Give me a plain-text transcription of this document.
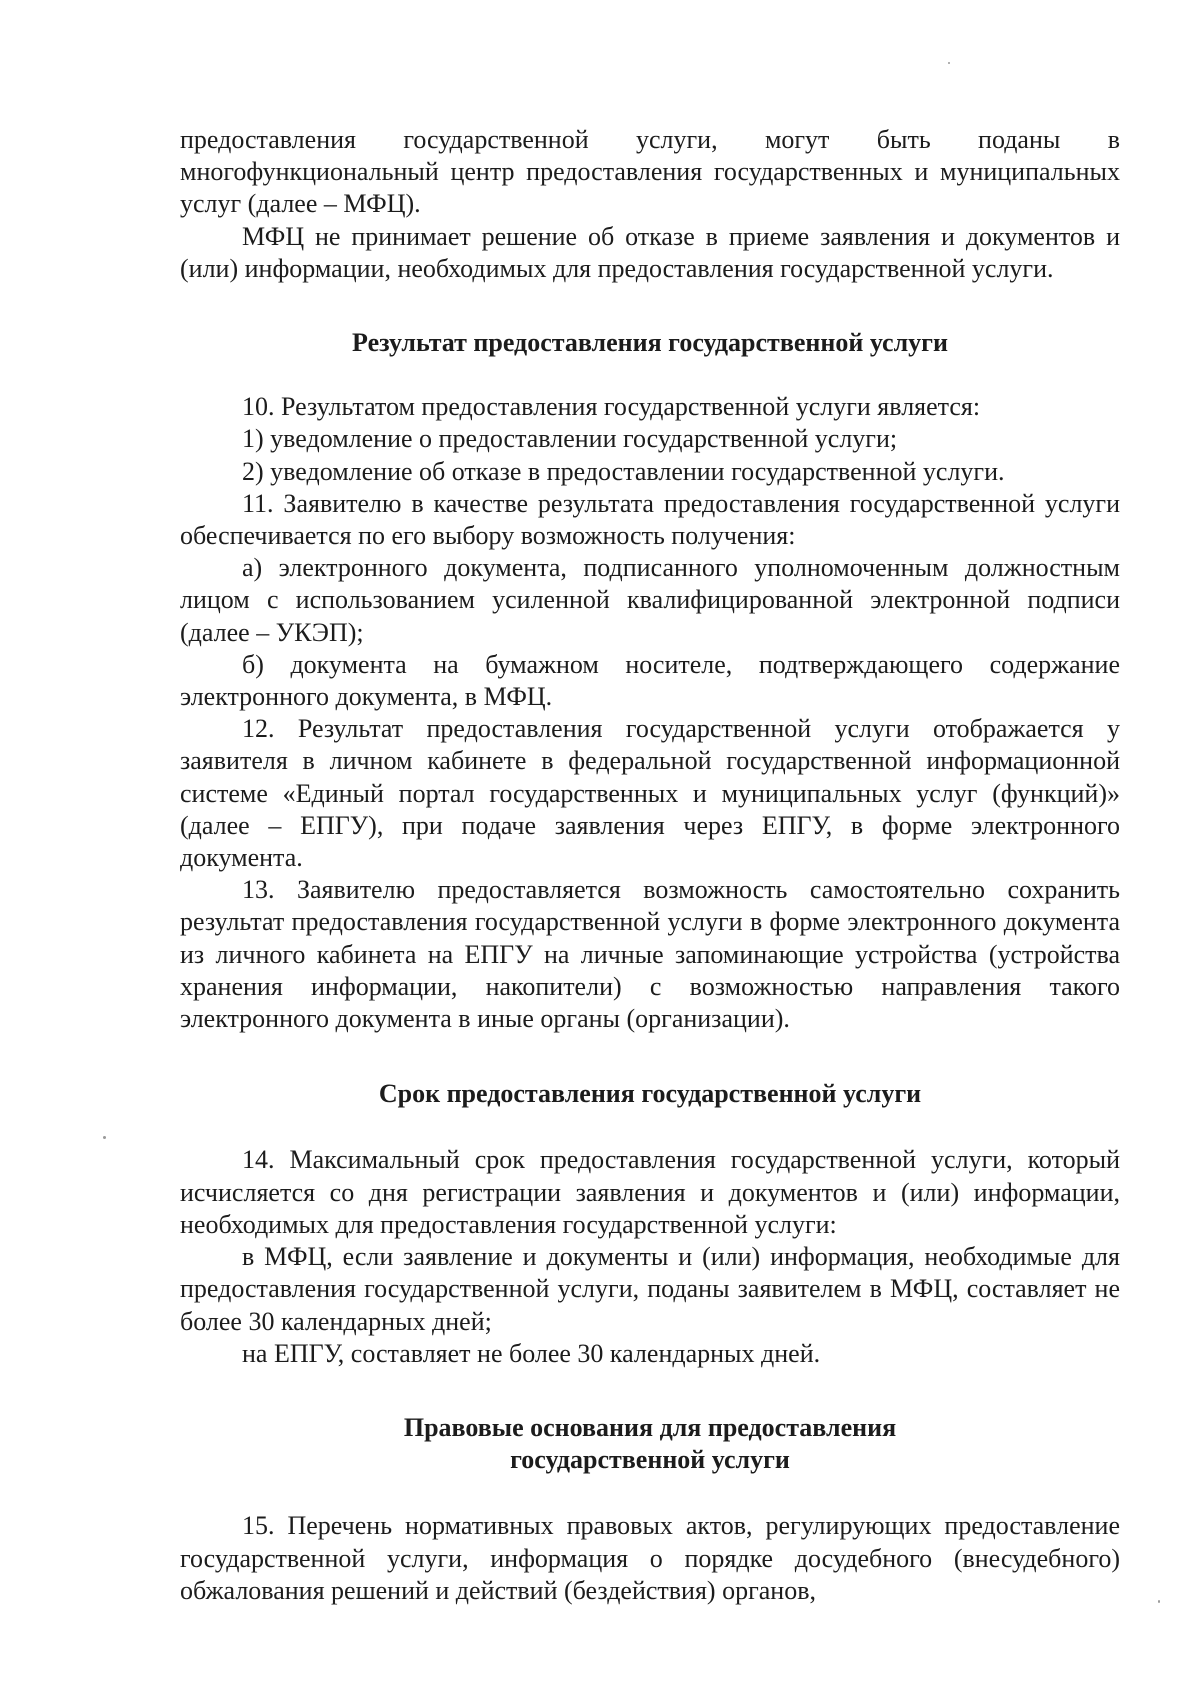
предоставления государственной услуги, могут быть поданы в многофункциональный центр предоставления государственных и муниципальных услуг (далее – МФЦ).

МФЦ не принимает решение об отказе в приеме заявления и документов и (или) информации, необходимых для предоставления государственной услуги.

Результат предоставления государственной услуги

10. Результатом предоставления государственной услуги является:

1) уведомление о предоставлении государственной услуги;

2) уведомление об отказе в предоставлении государственной услуги.

11. Заявителю в качестве результата предоставления государственной услуги обеспечивается по его выбору возможность получения:

а) электронного документа, подписанного уполномоченным должностным лицом с использованием усиленной квалифицированной электронной подписи (далее – УКЭП);

б) документа на бумажном носителе, подтверждающего содержание электронного документа, в МФЦ.

12. Результат предоставления государственной услуги отображается у заявителя в личном кабинете в федеральной государственной информационной системе «Единый портал государственных и муниципальных услуг (функций)» (далее – ЕПГУ), при подаче заявления через ЕПГУ, в форме электронного документа.

13. Заявителю предоставляется возможность самостоятельно сохранить результат предоставления государственной услуги в форме электронного документа из личного кабинета на ЕПГУ на личные запоминающие устройства (устройства хранения информации, накопители) с возможностью направления такого электронного документа в иные органы (организации).

Срок предоставления государственной услуги

14. Максимальный срок предоставления государственной услуги, который исчисляется со дня регистрации заявления и документов и (или) информации, необходимых для предоставления государственной услуги:

в МФЦ, если заявление и документы и (или) информация, необходимые для предоставления государственной услуги, поданы заявителем в МФЦ, составляет не более 30 календарных дней;

на ЕПГУ, составляет не более 30 календарных дней.

Правовые основания для предоставления
государственной услуги

15. Перечень нормативных правовых актов, регулирующих предоставление государственной услуги, информация о порядке досудебного (внесудебного) обжалования решений и действий (бездействия) органов,
